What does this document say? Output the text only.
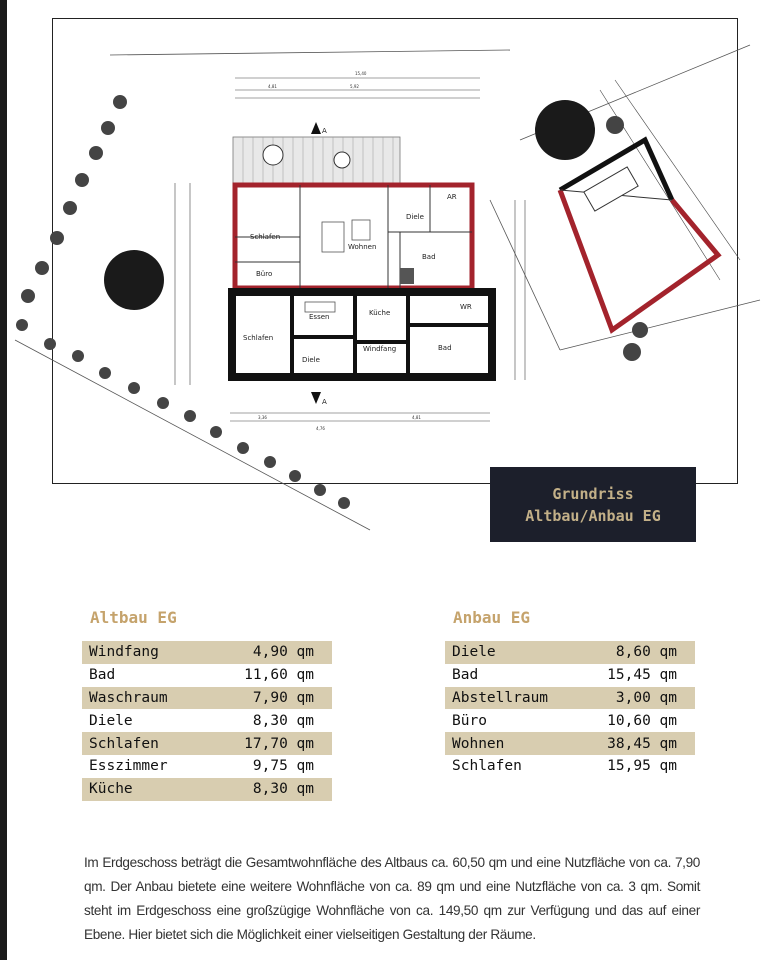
15,40
4,81	5,92
3,36	4,81
4,76
A
A
Schlafen
Büro
Wohnen
Diele
AR
Bad
Essen	Küche
WR
Schlafen
Diele
Windfang	Bad
Grundriss
Altbau/Anbau EG
Altbau EG
Windfang	4,90 qm
Bad	11,60 qm
Waschraum	7,90 qm
Diele	8,30 qm
Schlafen	17,70 qm
Esszimmer	9,75 qm
Küche	8,30 qm
Anbau EG
Diele	8,60 qm
Bad	15,45 qm
Abstellraum	3,00 qm
Büro	10,60 qm
Wohnen	38,45 qm
Schlafen	15,95 qm
Im Erdgeschoss beträgt die Gesamtwohnfläche des Altbaus ca. 60,50 qm und eine Nutzfläche von ca. 7,90 qm. Der Anbau bietete eine weitere Wohnfläche von ca. 89 qm und eine Nutzfläche von ca. 3 qm. Somit steht im Erdgeschoss eine großzügige Wohnfläche von ca. 149,50 qm zur Verfügung und das auf einer Ebene. Hier bietet sich die Möglichkeit einer vielseitigen Gestaltung der Räume.
